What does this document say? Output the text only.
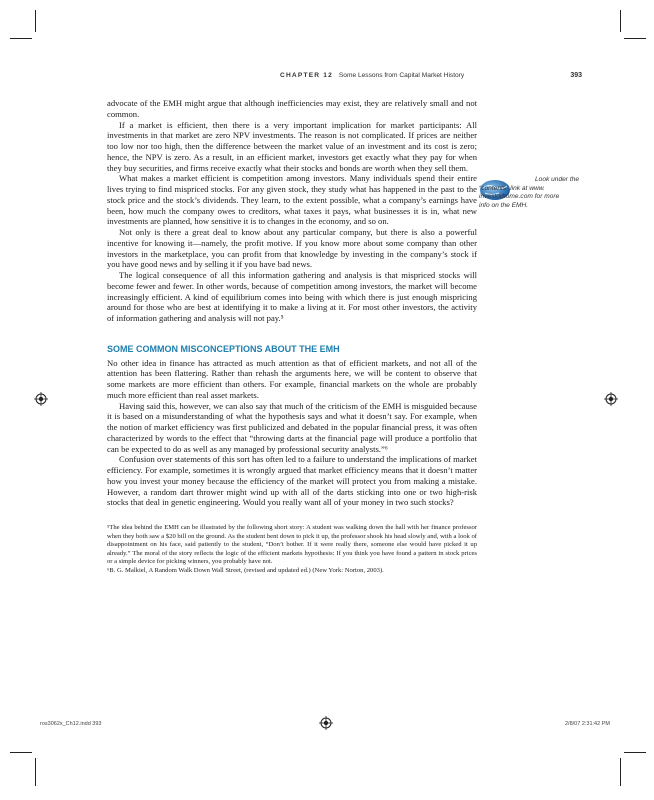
CHAPTER 12 Some Lessons from Capital Market History	393
Look under the
“contents” link at www.
investorhome.com for more
info on the EMH.

advocate of the EMH might argue that although inefficiencies may exist, they are relatively small and not common.

If a market is efficient, then there is a very important implication for market participants: All investments in that market are zero NPV investments. The reason is not complicated. If prices are neither too low nor too high, then the difference between the market value of an investment and its cost is zero; hence, the NPV is zero. As a result, in an efficient market, investors get exactly what they pay for when they buy securities, and firms receive exactly what their stocks and bonds are worth when they sell them.

What makes a market efficient is competition among investors. Many individuals spend their entire lives trying to find mispriced stocks. For any given stock, they study what has happened in the past to the stock price and the stock’s dividends. They learn, to the extent possible, what a company’s earnings have been, how much the company owes to creditors, what taxes it pays, what businesses it is in, what new investments are planned, how sensitive it is to changes in the economy, and so on.

Not only is there a great deal to know about any particular company, but there is also a powerful incentive for knowing it—namely, the profit motive. If you know more about some company than other investors in the marketplace, you can profit from that knowledge by investing in the company’s stock if you have good news and by selling it if you have bad news.

The logical consequence of all this information gathering and analysis is that mispriced stocks will become fewer and fewer. In other words, because of competition among investors, the market will become increasingly efficient. A kind of equilibrium comes into being with which there is just enough mispricing around for those who are best at identifying it to make a living at it. For most other investors, the activity of information gathering and analysis will not pay.⁵

SOME COMMON MISCONCEPTIONS ABOUT THE EMH

No other idea in finance has attracted as much attention as that of efficient markets, and not all of the attention has been flattering. Rather than rehash the arguments here, we will be content to observe that some markets are more efficient than others. For example, financial markets on the whole are probably much more efficient than real asset markets.

Having said this, however, we can also say that much of the criticism of the EMH is misguided because it is based on a misunderstanding of what the hypothesis says and what it doesn’t say. For example, when the notion of market efficiency was first publicized and debated in the popular financial press, it was often characterized by words to the effect that “throwing darts at the financial page will produce a portfolio that can be expected to do as well as any managed by professional security analysts.”⁶

Confusion over statements of this sort has often led to a failure to understand the implications of market efficiency. For example, sometimes it is wrongly argued that market efficiency means that it doesn’t matter how you invest your money because the efficiency of the market will protect you from making a mistake. However, a random dart thrower might wind up with all of the darts sticking into one or two high-risk stocks that deal in genetic engineering. Would you really want all of your money in two such stocks?

⁵The idea behind the EMH can be illustrated by the following short story: A student was walking down the hall with her finance professor when they both saw a $20 bill on the ground. As the student bent down to pick it up, the professor shook his head slowly and, with a look of disappointment on his face, said patiently to the student, “Don’t bother. If it were really there, someone else would have picked it up already.” The moral of the story reflects the logic of the efficient markets hypothesis: If you think you have found a pattern in stock prices or a simple device for picking winners, you probably have not.

⁶B. G. Malkiel, A Random Walk Down Wall Street, (revised and updated ed.) (New York: Norton, 2003).

ros3062x_Ch12.indd 393	2/8/07 2:31:42 PM
